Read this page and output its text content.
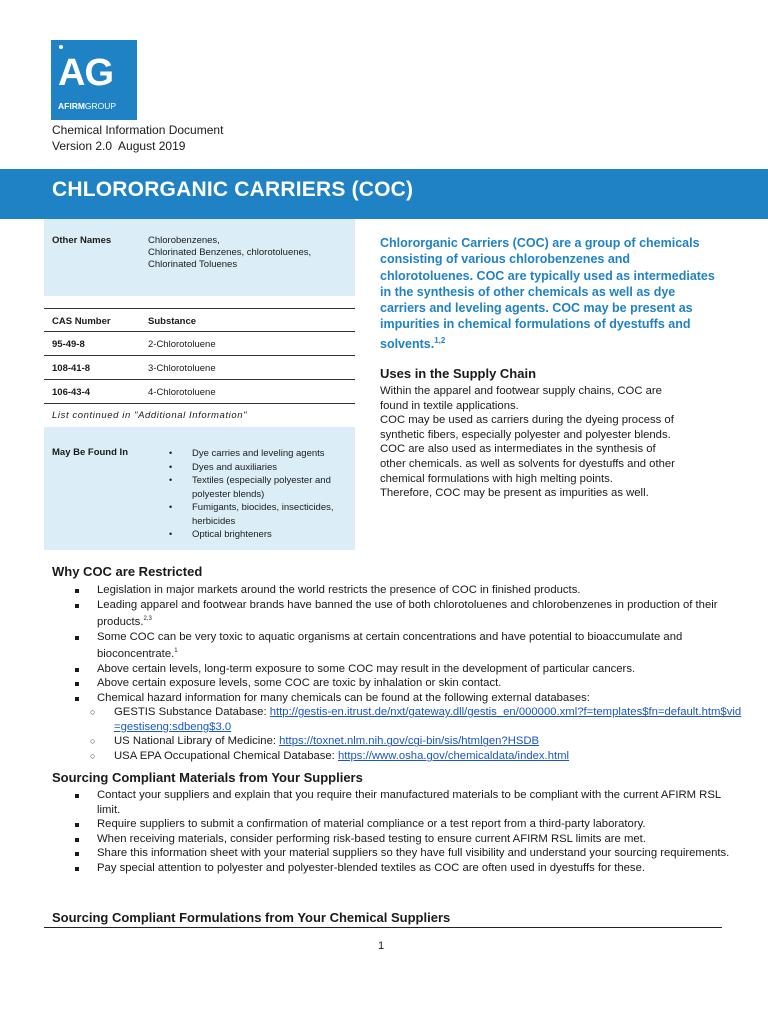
AG
AFIRMGROUP
Chemical Information Document
Version 2.0  August 2019
CHLORORGANIC CARRIERS (COC)
Other Names	Chlorobenzenes,
Chlorinated Benzenes, chlorotoluenes,
Chlorinated Toluenes
CAS Number	Substance
95-49-8	2-Chlorotoluene
108-41-8	3-Chlorotoluene
106-43-4	4-Chlorotoluene
List continued in "Additional Information"
May Be Found In
•	Dye carries and leveling agents
• Dyes and auxiliaries
• Textiles (especially polyester and polyester blends)
• Fumigants, biocides, insecticides, herbicides
• Optical brighteners
Chlororganic Carriers (COC) are a group of chemicals consisting of various chlorobenzenes and chlorotoluenes. COC are typically used as intermediates in the synthesis of other chemicals as well as dye carriers and leveling agents. COC may be present as impurities in chemical formulations of dyestuffs and solvents.$^{1,2}$
Uses in the Supply Chain
Within the apparel and footwear supply chains, COC are
found in textile applications.
COC may be used as carriers during the dyeing process of
synthetic fibers, especially polyester and polyester blends.
COC are also used as intermediates in the synthesis of
other chemicals. as well as solvents for dyestuffs and other
chemical formulations with high melting points.
Therefore, COC may be present as impurities as well.
Why COC are Restricted
Legislation in major markets around the world restricts the presence of COC in finished products.
Leading apparel and footwear brands have banned the use of both chlorotoluenes and chlorobenzenes in production of their products.$^{2,3}$
Some COC can be very toxic to aquatic organisms at certain concentrations and have potential to bioaccumulate and bioconcentrate.$^1$
Above certain levels, long-term exposure to some COC may result in the development of particular cancers.
Above certain exposure levels, some COC are toxic by inhalation or skin contact.
Chemical hazard information for many chemicals can be found at the following external databases:
○ GESTIS Substance Database: http://gestis-en.itrust.de/nxt/gateway.dll/gestis_en/000000.xml?f=templates$fn=default.htm$vid=gestiseng:sdbeng$3.0
○ US National Library of Medicine: https://toxnet.nlm.nih.gov/cgi-bin/sis/htmlgen?HSDB
○ USA EPA Occupational Chemical Database: https://www.osha.gov/chemicaldata/index.html
Sourcing Compliant Materials from Your Suppliers
Contact your suppliers and explain that you require their manufactured materials to be compliant with the current AFIRM RSL limit.
Require suppliers to submit a confirmation of material compliance or a test report from a third-party laboratory.
When receiving materials, consider performing risk-based testing to ensure current AFIRM RSL limits are met.
Share this information sheet with your material suppliers so they have full visibility and understand your sourcing requirements.
Pay special attention to polyester and polyester-blended textiles as COC are often used in dyestuffs for these.
Sourcing Compliant Formulations from Your Chemical Suppliers
1
